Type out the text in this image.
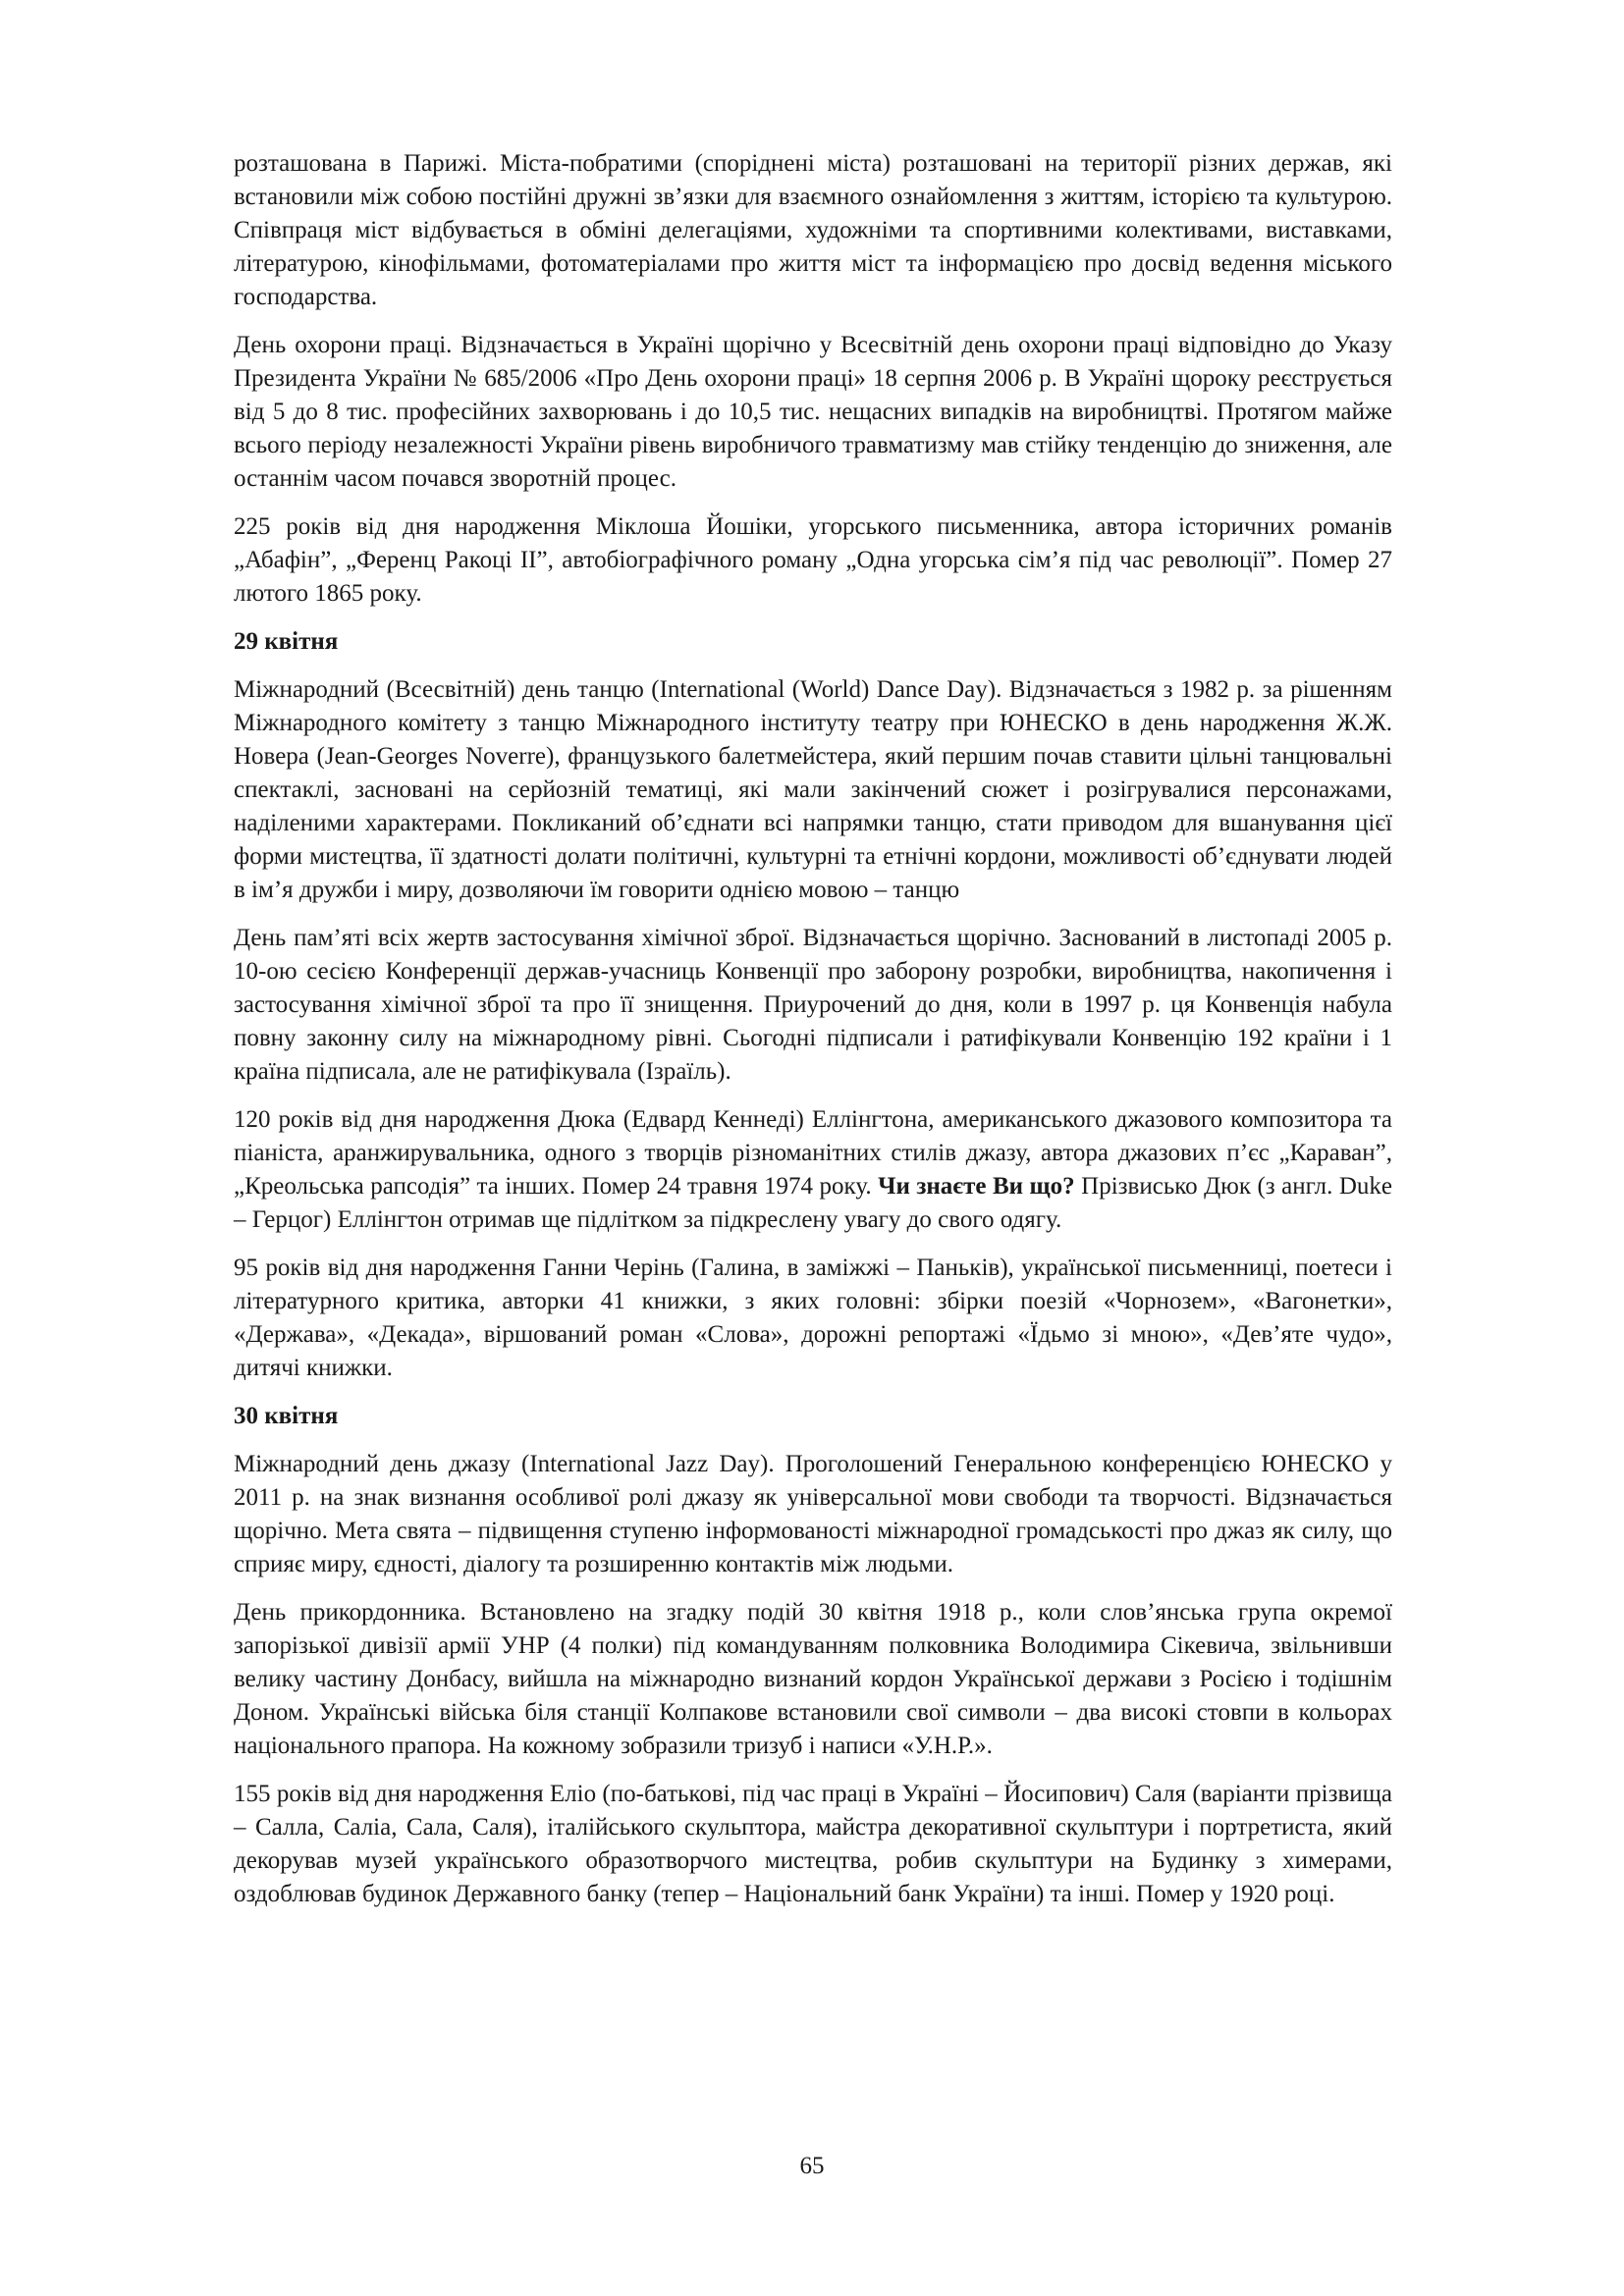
розташована в Парижі. Міста-побратими (споріднені міста) розташовані на території різних держав, які встановили між собою постійні дружні зв’язки для взаємного ознайомлення з життям, історією та культурою. Співпраця міст відбувається в обміні делегаціями, художніми та спортивними колективами, виставками, літературою, кінофільмами, фотоматеріалами про життя міст та інформацією про досвід ведення міського господарства.

День охорони праці. Відзначається в Україні щорічно у Всесвітній день охорони праці відповідно до Указу Президента України № 685/2006 «Про День охорони праці» 18 серпня 2006 р. В Україні щороку реєструється від 5 до 8 тис. професійних захворювань і до 10,5 тис. нещасних випадків на виробництві. Протягом майже всього періоду незалежності України рівень виробничого травматизму мав стійку тенденцію до зниження, але останнім часом почався зворотній процес.

225 років від дня народження Міклоша Йошіки, угорського письменника, автора історичних романів „Абафін”, „Ференц Ракоці ІІ”, автобіографічного роману „Одна угорська сім’я під час революції”. Помер 27 лютого 1865 року.

29 квітня

Міжнародний (Всесвітній) день танцю (International (World) Dance Day). Відзначається з 1982 р. за рішенням Міжнародного комітету з танцю Міжнародного інституту театру при ЮНЕСКО в день народження Ж.Ж. Новера (Jean-Georges Noverre), французького балетмейстера, який першим почав ставити цільні танцювальні спектаклі, засновані на серйозній тематиці, які мали закінчений сюжет і розігрувалися персонажами, наділеними характерами. Покликаний об’єднати всі напрямки танцю, стати приводом для вшанування цієї форми мистецтва, її здатності долати політичні, культурні та етнічні кордони, можливості об’єднувати людей в ім’я дружби і миру, дозволяючи їм говорити однією мовою – танцю

День пам’яті всіх жертв застосування хімічної зброї. Відзначається щорічно. Заснований в листопаді 2005 р. 10-ою сесією Конференції держав-учасниць Конвенції про заборону розробки, виробництва, накопичення і застосування хімічної зброї та про її знищення. Приурочений до дня, коли в 1997 р. ця Конвенція набула повну законну силу на міжнародному рівні. Сьогодні підписали і ратифікували Конвенцію 192 країни і 1 країна підписала, але не ратифікувала (Ізраїль).

120 років від дня народження Дюка (Едвард Кеннеді) Еллінгтона, американського джазового композитора та піаніста, аранжирувальника, одного з творців різноманітних стилів джазу, автора джазових п’єс „Караван”, „Креольська рапсодія” та інших. Помер 24 травня 1974 року. Чи знаєте Ви що? Прізвисько Дюк (з англ. Duke – Герцог) Еллінгтон отримав ще підлітком за підкреслену увагу до свого одягу.

95 років від дня народження Ганни Черінь (Галина, в заміжжі – Паньків), української письменниці, поетеси і літературного критика, авторки 41 книжки, з яких головні: збірки поезій «Чорнозем», «Вагонетки», «Держава», «Декада», віршований роман «Слова», дорожні репортажі «Їдьмо зі мною», «Дев’яте чудо», дитячі книжки.

30 квітня

Міжнародний день джазу (International Jazz Day). Проголошений Генеральною конференцією ЮНЕСКО у 2011 р. на знак визнання особливої ролі джазу як універсальної мови свободи та творчості. Відзначається щорічно. Мета свята – підвищення ступеню інформованості міжнародної громадськості про джаз як силу, що сприяє миру, єдності, діалогу та розширенню контактів між людьми.

День прикордонника. Встановлено на згадку подій 30 квітня 1918 р., коли слов’янська група окремої запорізької дивізії армії УНР (4 полки) під командуванням полковника Володимира Сікевича, звільнивши велику частину Донбасу, вийшла на міжнародно визнаний кордон Української держави з Росією і тодішнім Доном. Українські війська біля станції Колпакове встановили свої символи – два високі стовпи в кольорах національного прапора. На кожному зобразили тризуб і написи «У.Н.Р.».

155 років від дня народження Еліо (по-батькові, під час праці в Україні – Йосипович) Саля (варіанти прізвища – Салла, Саліа, Сала, Саля), італійського скульптора, майстра декоративної скульптури і портретиста, який декорував музей українського образотворчого мистецтва, робив скульптури на Будинку з химерами, оздоблював будинок Державного банку (тепер – Національний банк України) та інші. Помер у 1920 році.

65
